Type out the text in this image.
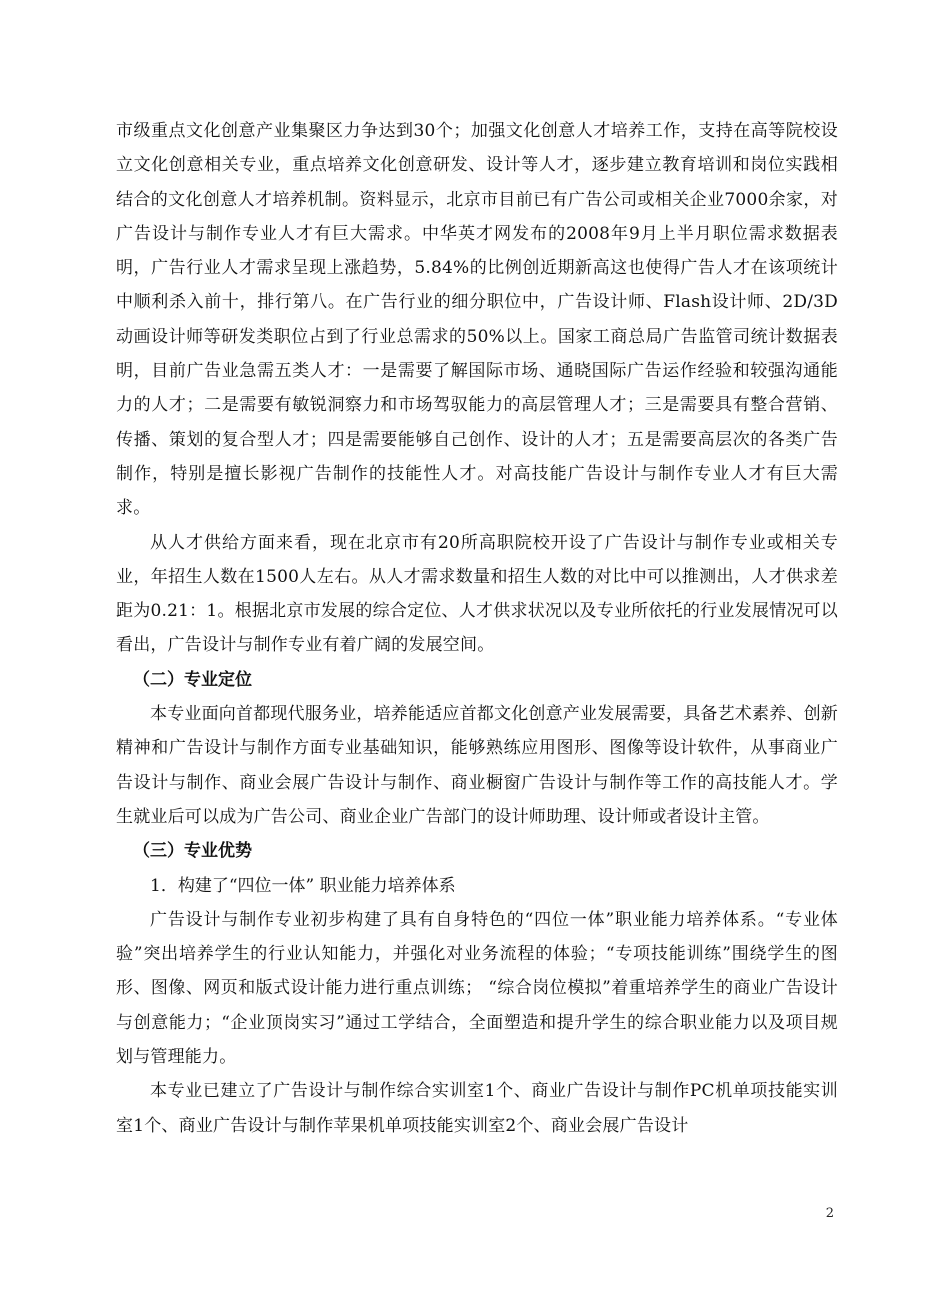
市级重点文化创意产业集聚区力争达到30个；加强文化创意人才培养工作，支持在高等院校设立文化创意相关专业，重点培养文化创意研发、设计等人才，逐步建立教育培训和岗位实践相结合的文化创意人才培养机制。资料显示，北京市目前已有广告公司或相关企业7000余家，对广告设计与制作专业人才有巨大需求。中华英才网发布的2008年9月上半月职位需求数据表明，广告行业人才需求呈现上涨趋势，5.84%的比例创近期新高这也使得广告人才在该项统计中顺利杀入前十，排行第八。在广告行业的细分职位中，广告设计师、Flash设计师、2D/3D动画设计师等研发类职位占到了行业总需求的50%以上。国家工商总局广告监管司统计数据表明，目前广告业急需五类人才：一是需要了解国际市场、通晓国际广告运作经验和较强沟通能力的人才；二是需要有敏锐洞察力和市场驾驭能力的高层管理人才；三是需要具有整合营销、传播、策划的复合型人才；四是需要能够自己创作、设计的人才；五是需要高层次的各类广告制作，特别是擅长影视广告制作的技能性人才。对高技能广告设计与制作专业人才有巨大需求。

从人才供给方面来看，现在北京市有20所高职院校开设了广告设计与制作专业或相关专业，年招生人数在1500人左右。从人才需求数量和招生人数的对比中可以推测出，人才供求差距为0.21：1。根据北京市发展的综合定位、人才供求状况以及专业所依托的行业发展情况可以看出，广告设计与制作专业有着广阔的发展空间。

（二）专业定位

本专业面向首都现代服务业，培养能适应首都文化创意产业发展需要，具备艺术素养、创新精神和广告设计与制作方面专业基础知识，能够熟练应用图形、图像等设计软件，从事商业广告设计与制作、商业会展广告设计与制作、商业橱窗广告设计与制作等工作的高技能人才。学生就业后可以成为广告公司、商业企业广告部门的设计师助理、设计师或者设计主管。

（三）专业优势

1．构建了“四位一体” 职业能力培养体系

广告设计与制作专业初步构建了具有自身特色的“四位一体”职业能力培养体系。“专业体验”突出培养学生的行业认知能力，并强化对业务流程的体验；“专项技能训练”围绕学生的图形、图像、网页和版式设计能力进行重点训练； “综合岗位模拟”着重培养学生的商业广告设计与创意能力；“企业顶岗实习”通过工学结合，全面塑造和提升学生的综合职业能力以及项目规划与管理能力。

本专业已建立了广告设计与制作综合实训室1个、商业广告设计与制作PC机单项技能实训室1个、商业广告设计与制作苹果机单项技能实训室2个、商业会展广告设计

2
